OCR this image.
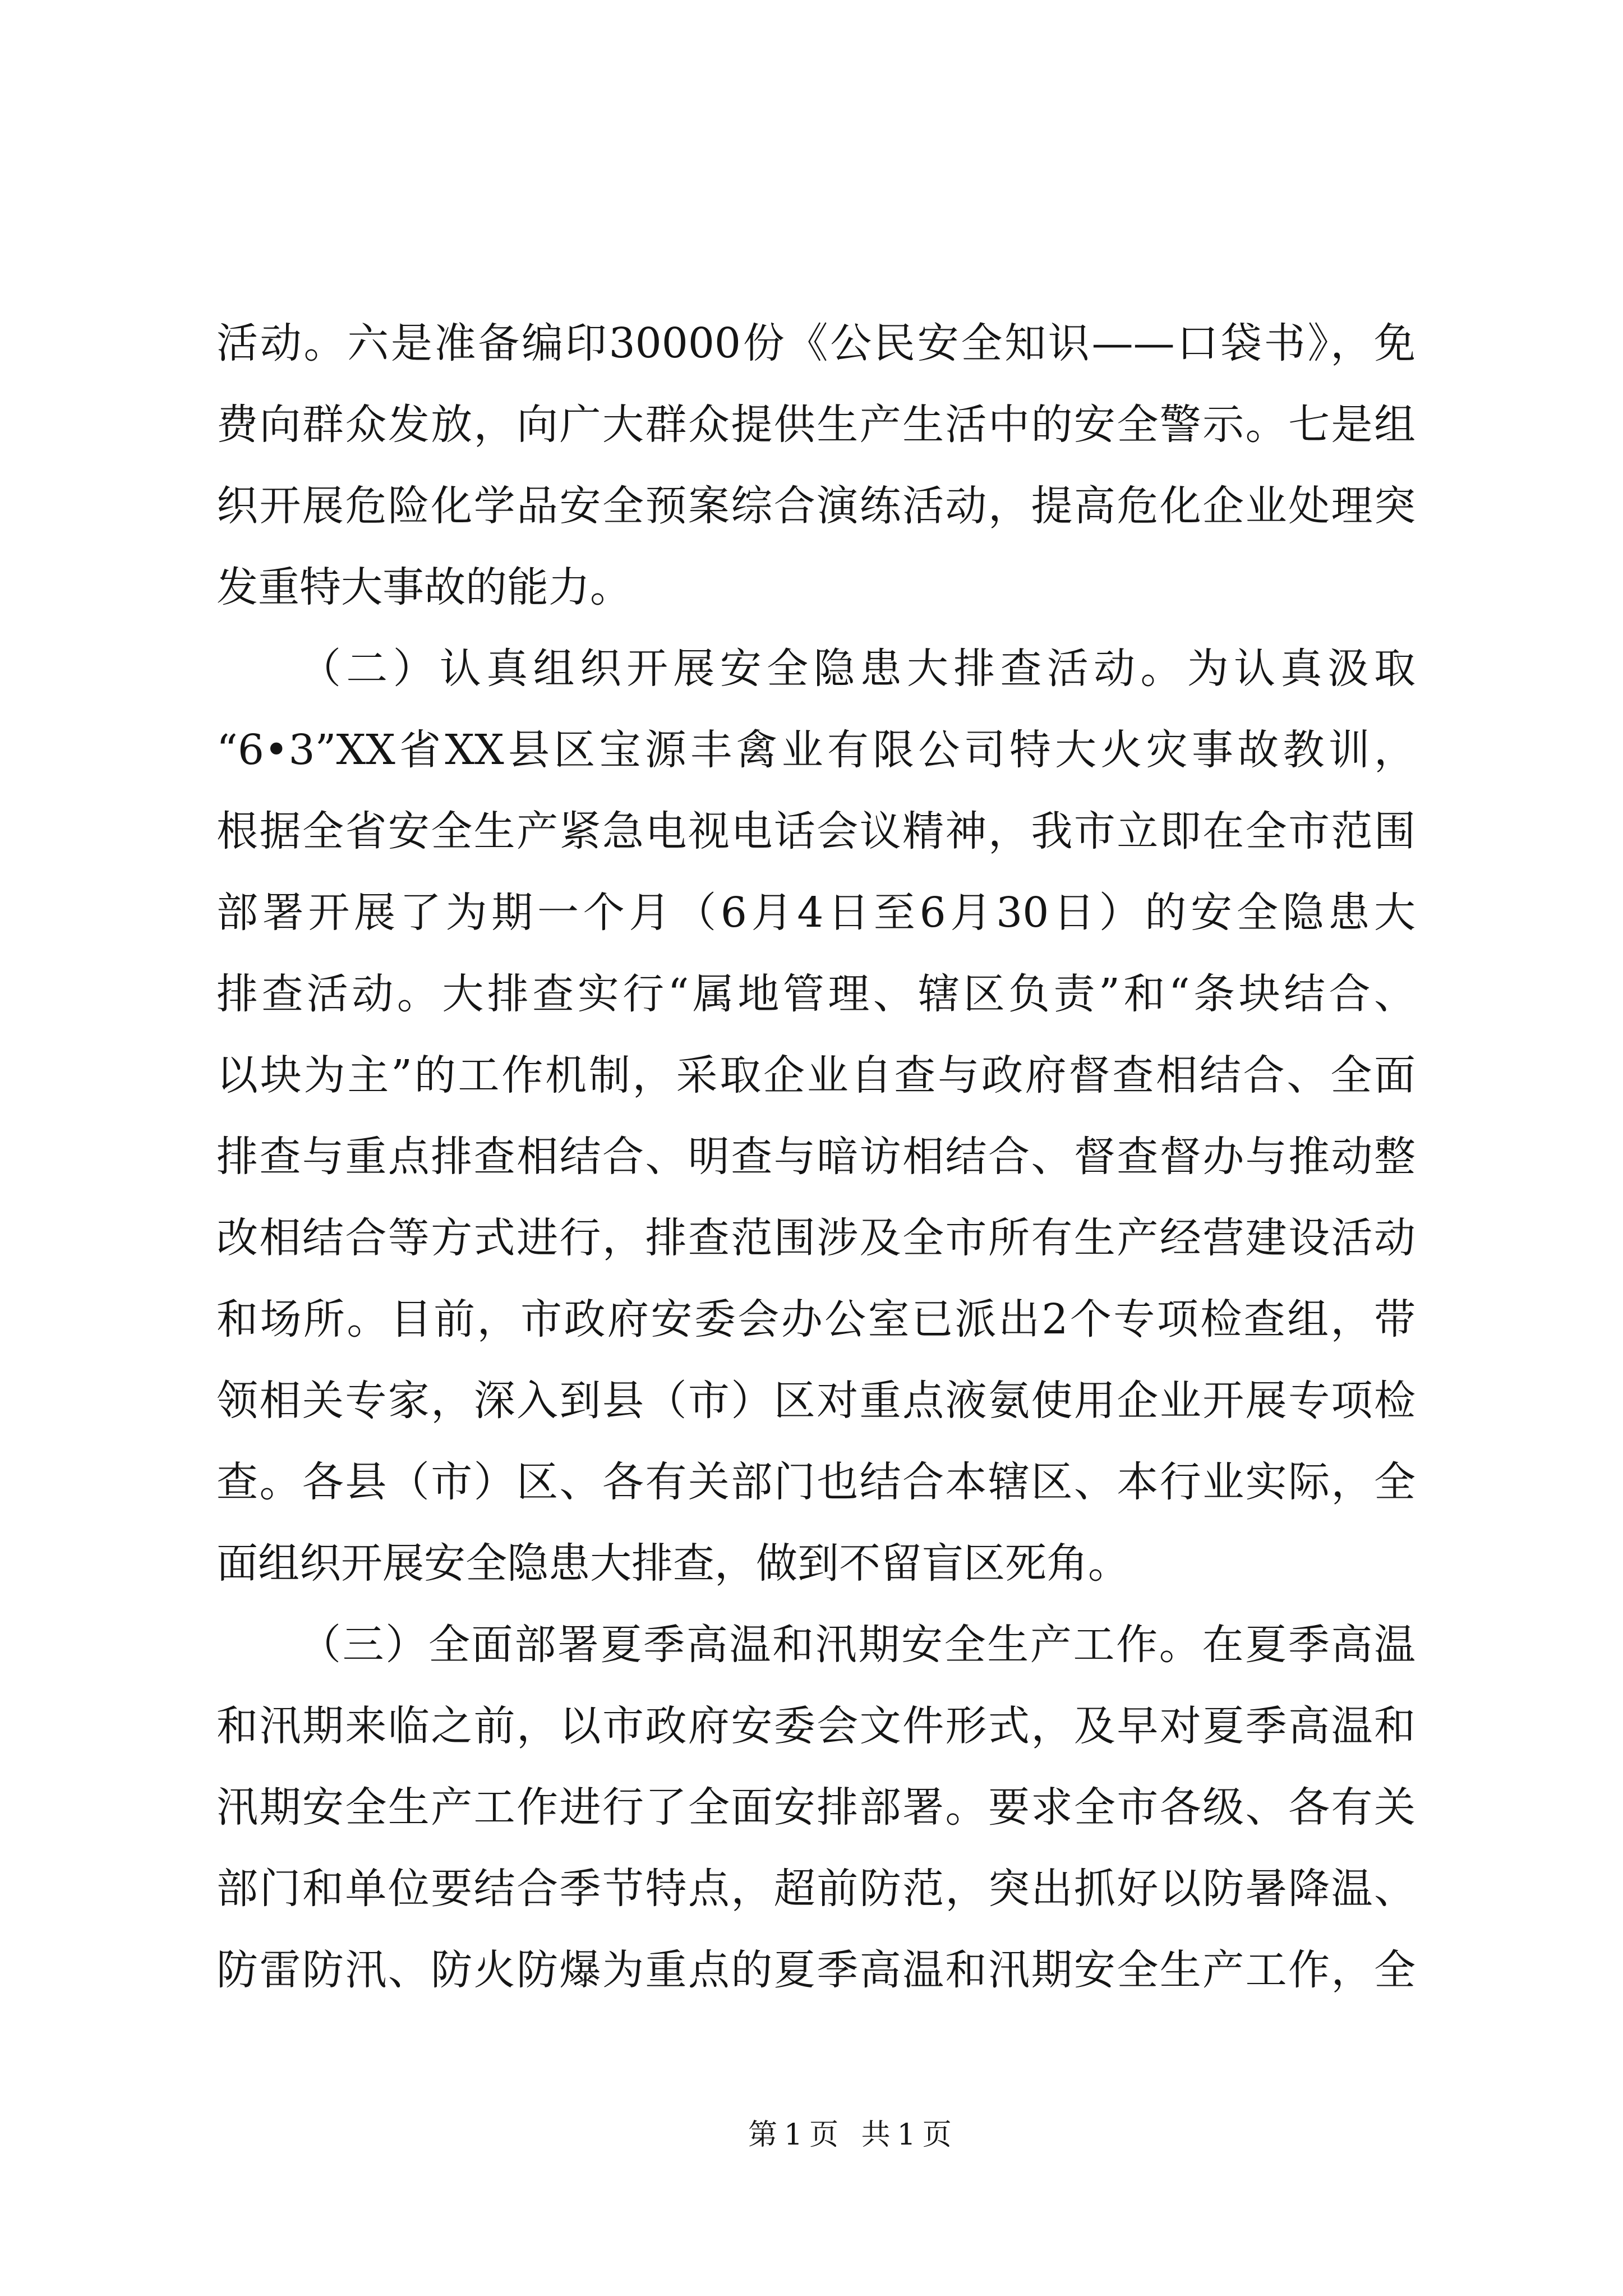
活动。六是准备编印30000份《公民安全知识——口袋书》，免
费向群众发放，向广大群众提供生产生活中的安全警示。七是组
织开展危险化学品安全预案综合演练活动，提高危化企业处理突
发重特大事故的能力。
（二）认真组织开展安全隐患大排查活动。为认真汲取
“6•3”XX省XX县区宝源丰禽业有限公司特大火灾事故教训，
根据全省安全生产紧急电视电话会议精神，我市立即在全市范围
部署开展了为期一个月（6月4日至6月30日）的安全隐患大
排查活动。大排查实行“属地管理、辖区负责”和“条块结合、
以块为主”的工作机制，采取企业自查与政府督查相结合、全面
排查与重点排查相结合、明查与暗访相结合、督查督办与推动整
改相结合等方式进行，排查范围涉及全市所有生产经营建设活动
和场所。目前，市政府安委会办公室已派出2个专项检查组，带
领相关专家，深入到县（市）区对重点液氨使用企业开展专项检
查。各县（市）区、各有关部门也结合本辖区、本行业实际，全
面组织开展安全隐患大排查，做到不留盲区死角。
（三）全面部署夏季高温和汛期安全生产工作。在夏季高温
和汛期来临之前，以市政府安委会文件形式，及早对夏季高温和
汛期安全生产工作进行了全面安排部署。要求全市各级、各有关
部门和单位要结合季节特点，超前防范，突出抓好以防暑降温、
防雷防汛、防火防爆为重点的夏季高温和汛期安全生产工作，全
第1页 共1页
